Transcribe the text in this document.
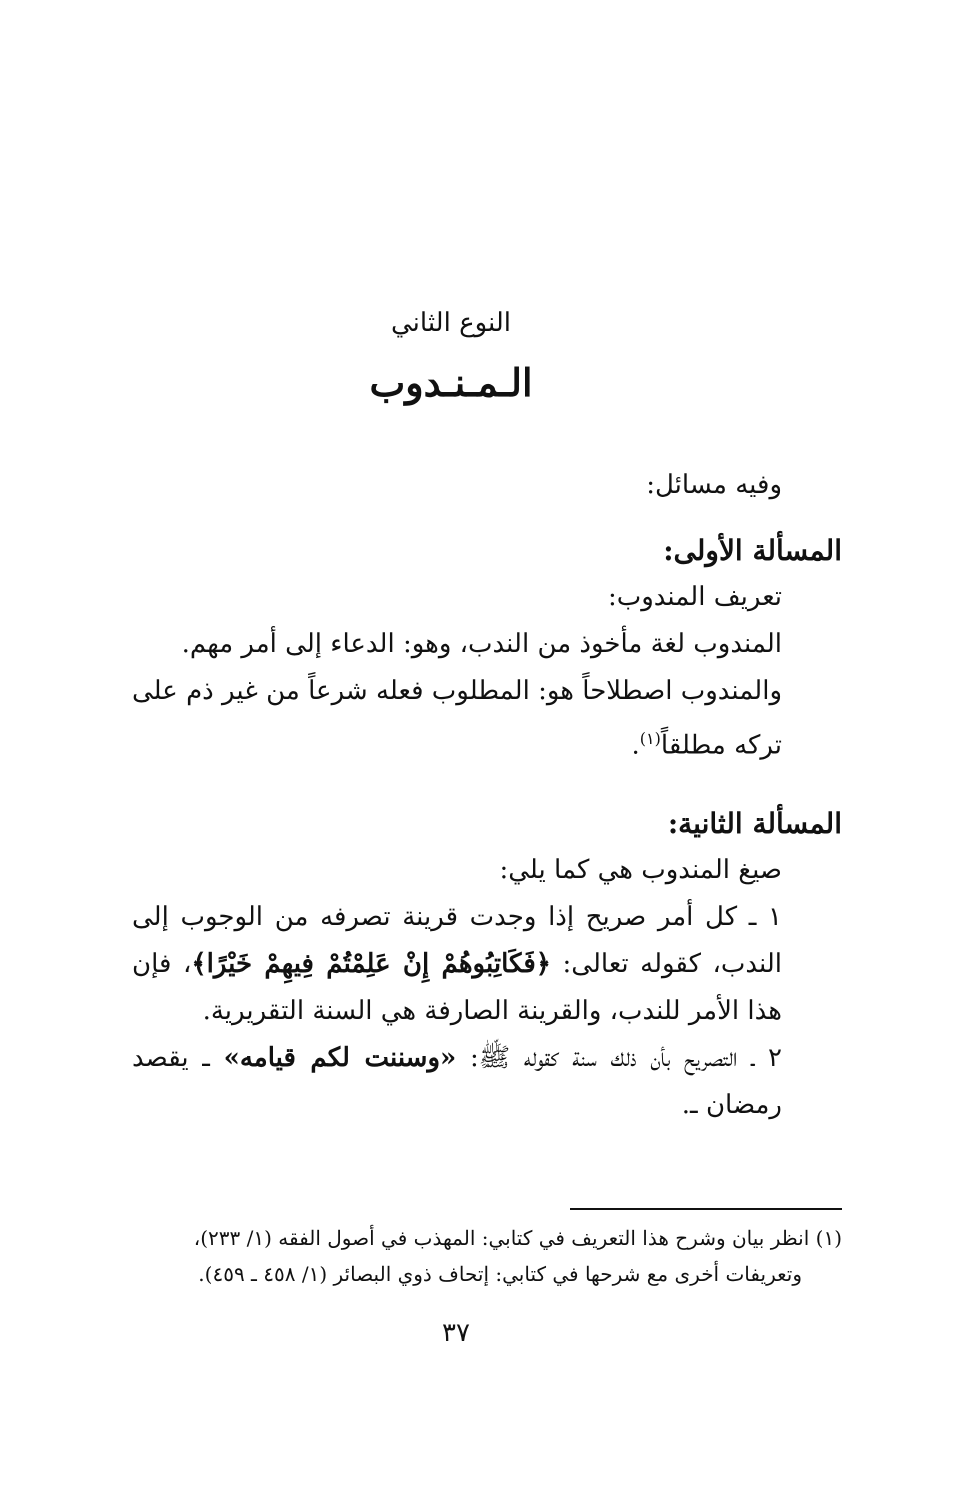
النوع الثاني
الـمـنـدوب
وفيه مسائل:
المسألة الأولى:
تعريف المندوب:
المندوب لغة مأخوذ من الندب، وهو: الدعاء إلى أمر مهم.
والمندوب اصطلاحاً هو: المطلوب فعله شرعاً من غير ذم على تركه مطلقاً$^{(١)}$.
المسألة الثانية:
صيغ المندوب هي كما يلي:
١ ـ كل أمر صريح إذا وجدت قرينة تصرفه من الوجوب إلى الندب، كقوله تعالى: ﴿فَكَاتِبُوهُمْ إِنْ عَلِمْتُمْ فِيهِمْ خَيْرًا﴾، فإن هذا الأمر للندب، والقرينة الصارفة هي السنة التقريرية.
٢ ـ التصريح بأن ذلك سنة كقوله ﷺ: «وسننت لكم قيامه» ـ يقصد رمضان ـ.
(١) انظر بيان وشرح هذا التعريف في كتابي: المهذب في أصول الفقه (١/ ٢٣٣)،
وتعريفات أخرى مع شرحها في كتابي: إتحاف ذوي البصائر (١/ ٤٥٨ ـ ٤٥٩).
٣٧
